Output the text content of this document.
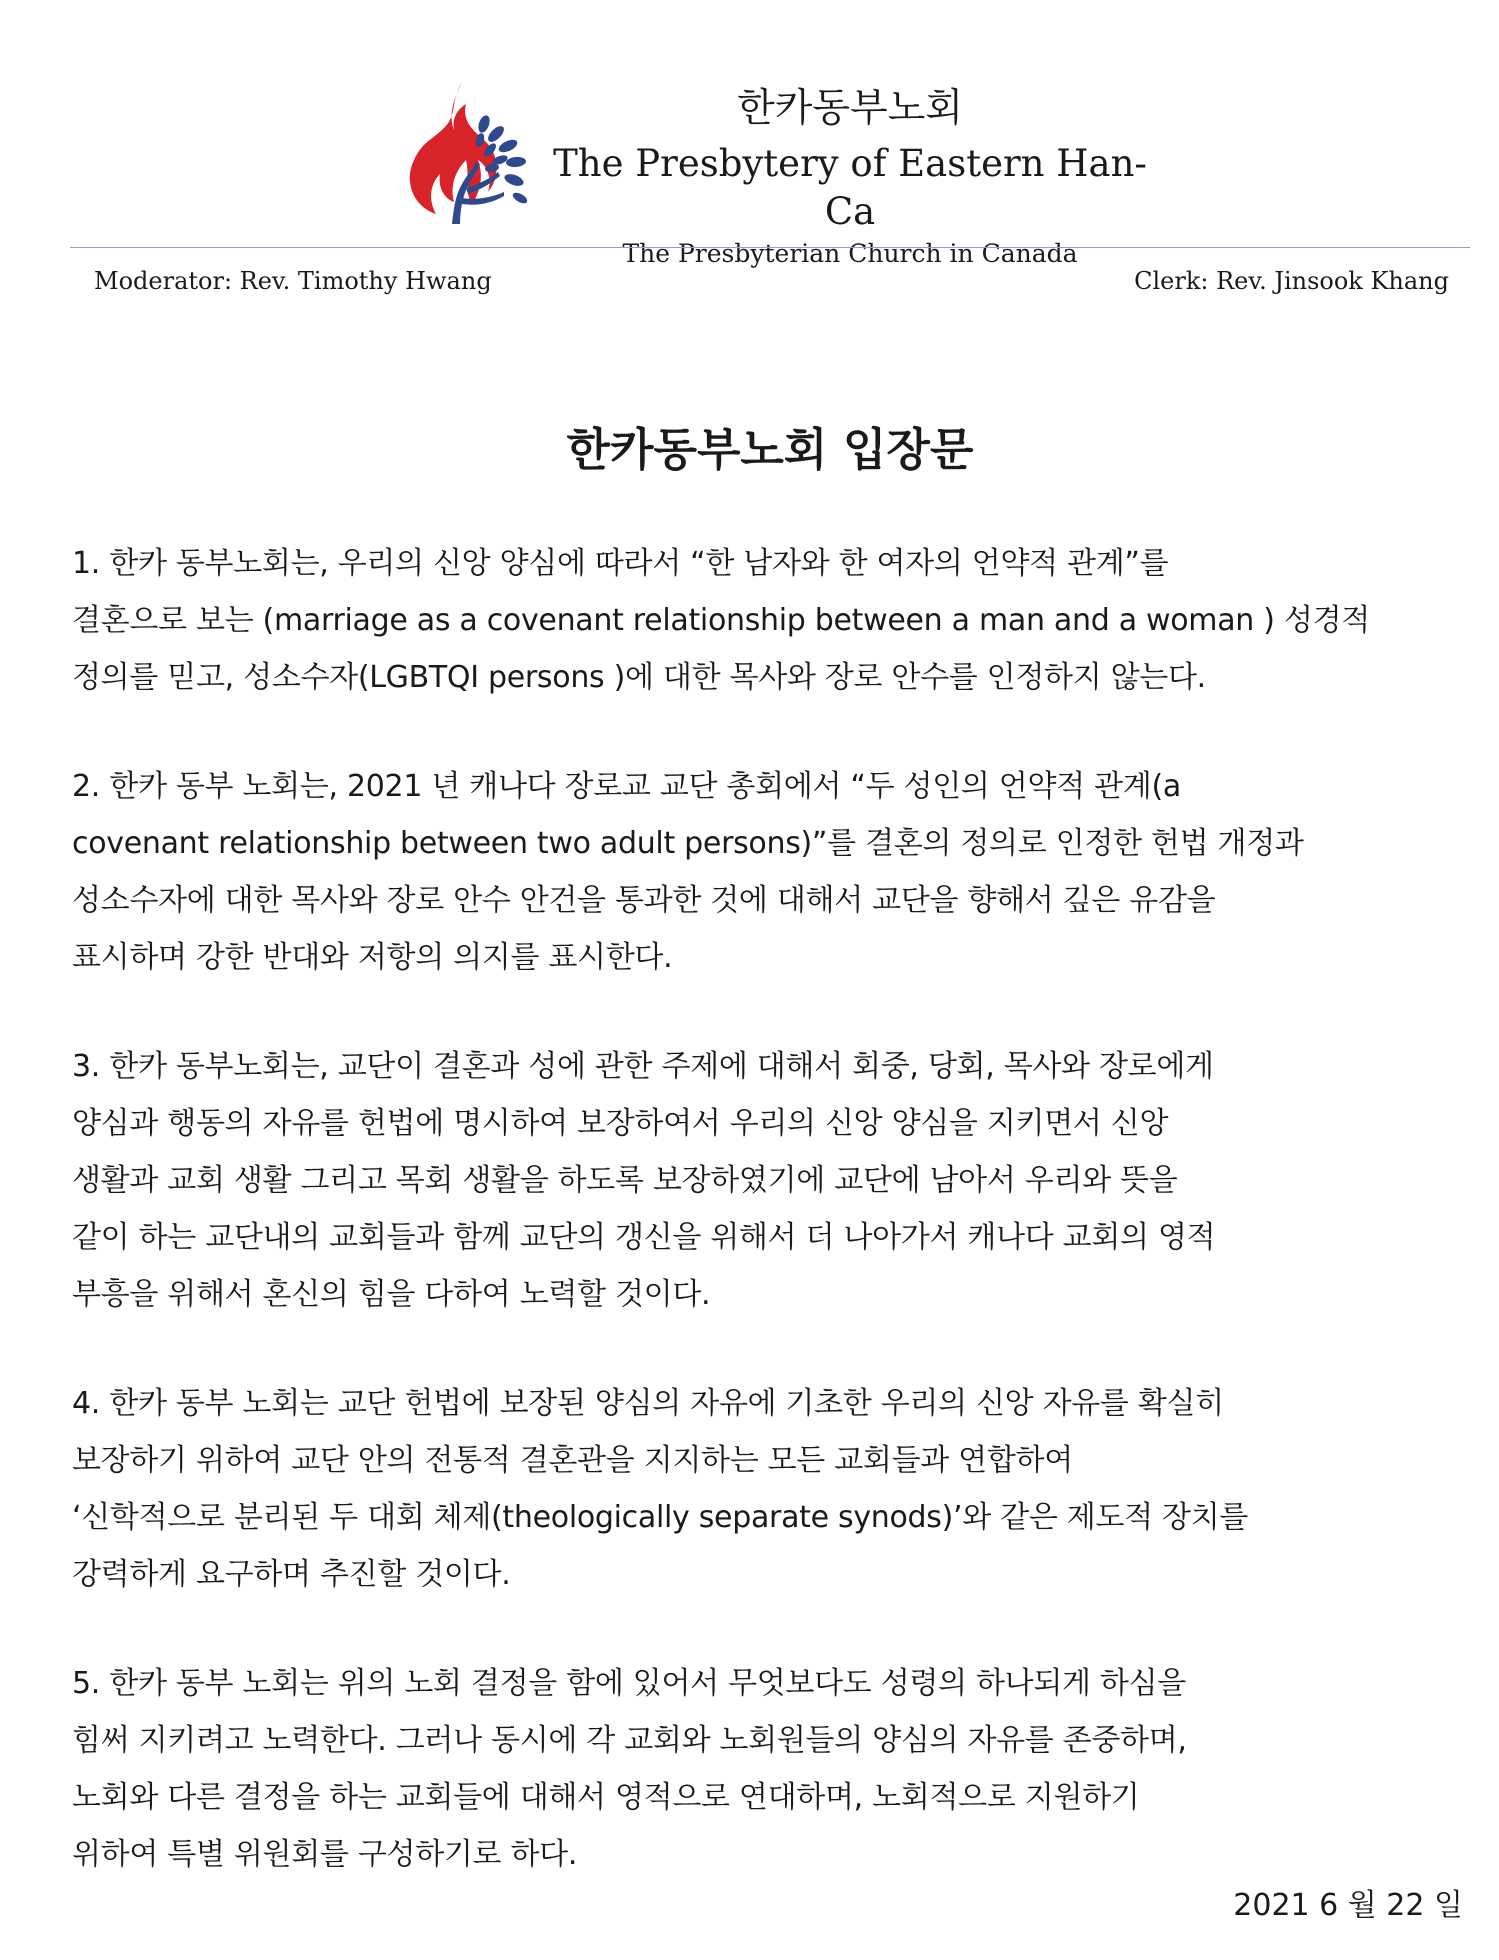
한카동부노회
The Presbytery of Eastern Han-Ca
The Presbyterian Church in Canada
Moderator: Rev. Timothy Hwang	Clerk: Rev. Jinsook Khang
한카동부노회 입장문

1. 한카 동부노회는, 우리의 신앙 양심에 따라서 “한 남자와 한 여자의 언약적 관계”를
결혼으로 보는 (marriage as a covenant relationship between a man and a woman ) 성경적
정의를 믿고, 성소수자(LGBTQI persons )에 대한 목사와 장로 안수를 인정하지 않는다.

2. 한카 동부 노회는, 2021 년 캐나다 장로교 교단 총회에서 “두 성인의 언약적 관계(a
covenant relationship between two adult persons)”를 결혼의 정의로 인정한 헌법 개정과
성소수자에 대한 목사와 장로 안수 안건을 통과한 것에 대해서 교단을 향해서 깊은 유감을
표시하며 강한 반대와 저항의 의지를 표시한다.

3. 한카 동부노회는, 교단이 결혼과 성에 관한 주제에 대해서 회중, 당회, 목사와 장로에게
양심과 행동의 자유를 헌법에 명시하여 보장하여서 우리의 신앙 양심을 지키면서 신앙
생활과 교회 생활 그리고 목회 생활을 하도록 보장하였기에 교단에 남아서 우리와 뜻을
같이 하는 교단내의 교회들과 함께 교단의 갱신을 위해서 더 나아가서 캐나다 교회의 영적
부흥을 위해서 혼신의 힘을 다하여 노력할 것이다.

4. 한카 동부 노회는 교단 헌법에 보장된 양심의 자유에 기초한 우리의 신앙 자유를 확실히
보장하기 위하여 교단 안의 전통적 결혼관을 지지하는 모든 교회들과 연합하여
‘신학적으로 분리된 두 대회 체제(theologically separate synods)’와 같은 제도적 장치를
강력하게 요구하며 추진할 것이다.

5. 한카 동부 노회는 위의 노회 결정을 함에 있어서 무엇보다도 성령의 하나되게 하심을
힘써 지키려고 노력한다. 그러나 동시에 각 교회와 노회원들의 양심의 자유를 존중하며,
노회와 다른 결정을 하는 교회들에 대해서 영적으로 연대하며, 노회적으로 지원하기
위하여 특별 위원회를 구성하기로 하다.

2021 6 월 22 일
